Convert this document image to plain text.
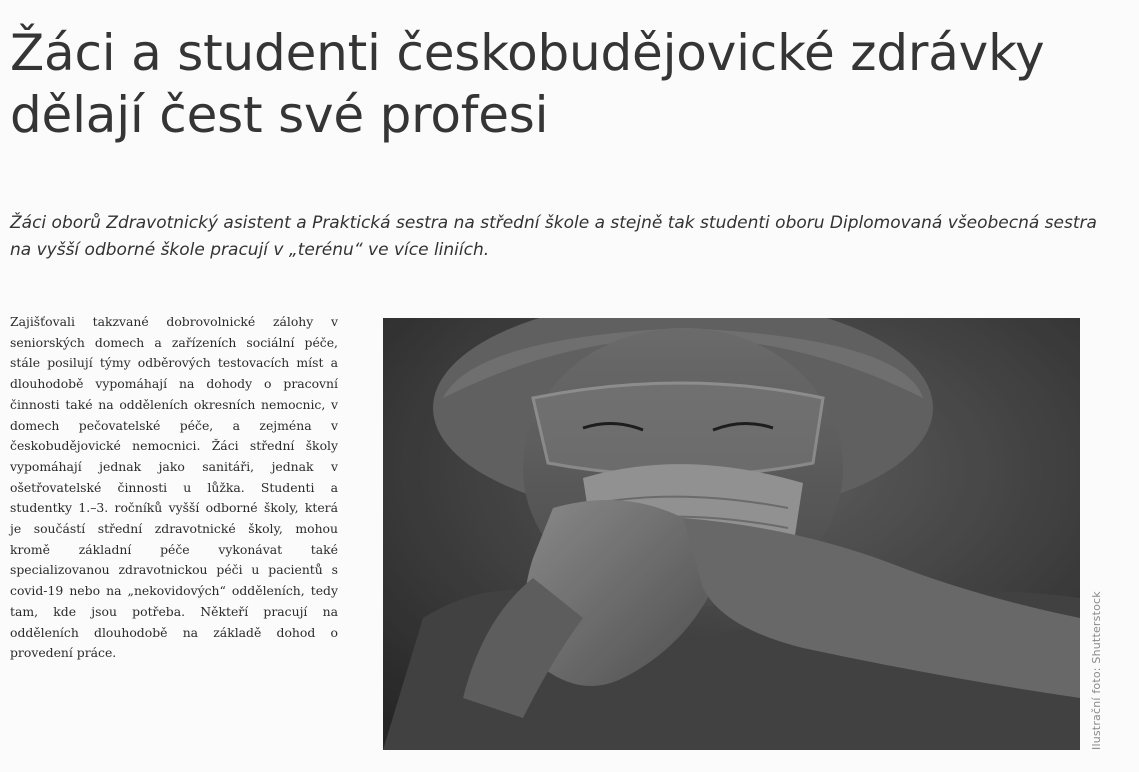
Žáci a studenti českobudějovické zdrávky dělají čest své profesi

Žáci oborů Zdravotnický asistent a Praktická sestra na střední škole a stejně tak studenti oboru Diplomovaná všeobecná sestra na vyšší odborné škole pracují v „terénu“ ve více liniích.

Zajišťovali takzvané dobrovolnické zálohy v seniorských domech a zařízeních sociální péče, stále posilují týmy odběrových testovacích míst a dlouhodobě vypomáhají na dohody o pracovní činnosti také na odděleních okresních nemocnic, v domech pečovatelské péče, a zejména v českobudějovické nemocnici. Žáci střední školy vypomáhají jednak jako sanitáři, jednak v ošetřovatelské činnosti u lůžka. Studenti a studentky 1.–3. ročníků vyšší odborné školy, která je součástí střední zdravotnické školy, mohou kromě základní péče vykonávat také specializovanou zdravotnickou péči u pacientů s covid-19 nebo na „nekovidových“ odděleních, tedy tam, kde jsou potřeba. Někteří pracují na odděleních dlouhodobě na základě dohod o provedení práce.	Ilustrační foto: Shutterstock
